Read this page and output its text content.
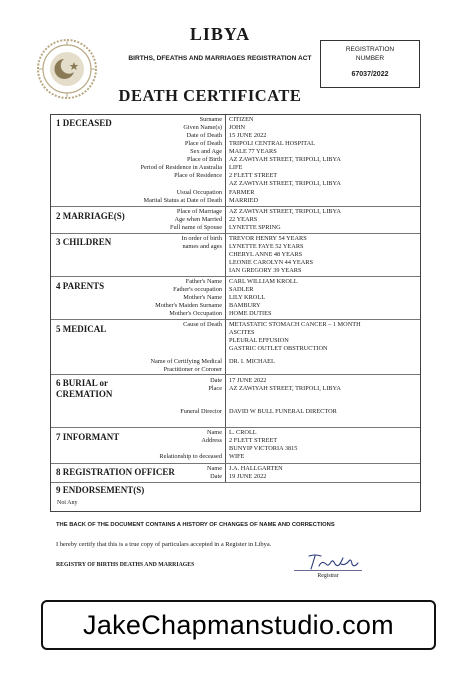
LIBYA
BIRTHS, DFEATHS AND MARRIAGES REGISTRATION ACT
REGISTRATION
NUMBER
67037/2022
DEATH CERTIFICATE
1 DECEASED	Surname CITIZEN
Given Name(s) JOHN
Date of Death 15 JUNE 2022
Place of Death TRIPOLI CENTRAL HOSPITAL
Sex and Age MALE 77 YEARS
Place of Birth AZ ZAWIYAH STREET, TRIPOLI, LIBYA
Period of Residence in Australia LIFE
Place of Residence 2 FLETT STREET
AZ ZAWIYAH STREET, TRIPOLI, LIBYA
Usual Occupation FARMER
Marital Status at Date of Death MARRIED
2 MARRIAGE(S)	Place of Marriage AZ ZAWIYAH STREET, TRIPOLI, LIBYA
Age when Married 22 YEARS
Full name of Spouse LYNETTE SPRING
3 CHILDREN	In order of birth TREVOR HENRY 54 YEARS
names and ages LYNETTE FAYE 52 YEARS
CHERYL ANNE 48 YEARS
LEONIE CAROLYN 44 YEARS
IAN GREGORY 39 YEARS
4 PARENTS	Father's Name CARL WILLIAM KROLL
Father's occupation SADLER
Mother's Name LILY KROLL
Mother's Maiden Surname BAMBURY
Mother's Occupation HOME DUTIES
5 MEDICAL	Cause of Death METASTATIC STOMACH CANCER – 1 MONTH
ASCITES
PLEURAL EFFUSION
GASTRIC OUTLET OBSTRUCTION
Name of Certifying Medical DR. I. MICHAEL
Practitioner or Coroner
6 BURIAL or
CREMATION
Date 17 JUNE 2022
Place AZ ZAWIYAH STREET, TRIPOLI, LIBYA
Funeral Director DAVID W BULL FUNERAL DIRECTOR
7 INFORMANT	Name L. CROLL
Address 2 FLETT STREET
BUNYIP VICTORIA 3815
Relationship to deceased WIFE
8 REGISTRATION OFFICER	Name J.A. HALLGARTEN
Date 19 JUNE 2022
9 ENDORSEMENT(S)
Not Any
THE BACK OF THE DOCUMENT CONTAINS A HISTORY OF CHANGES OF NAME AND CORRECTIONS
I hereby certify that this is a true copy of particulars accepted in a Register in Libya.
REGISTRY OF BIRTHS DEATHS AND MARRIAGES
Registrar
JakeChapmanstudio.com
